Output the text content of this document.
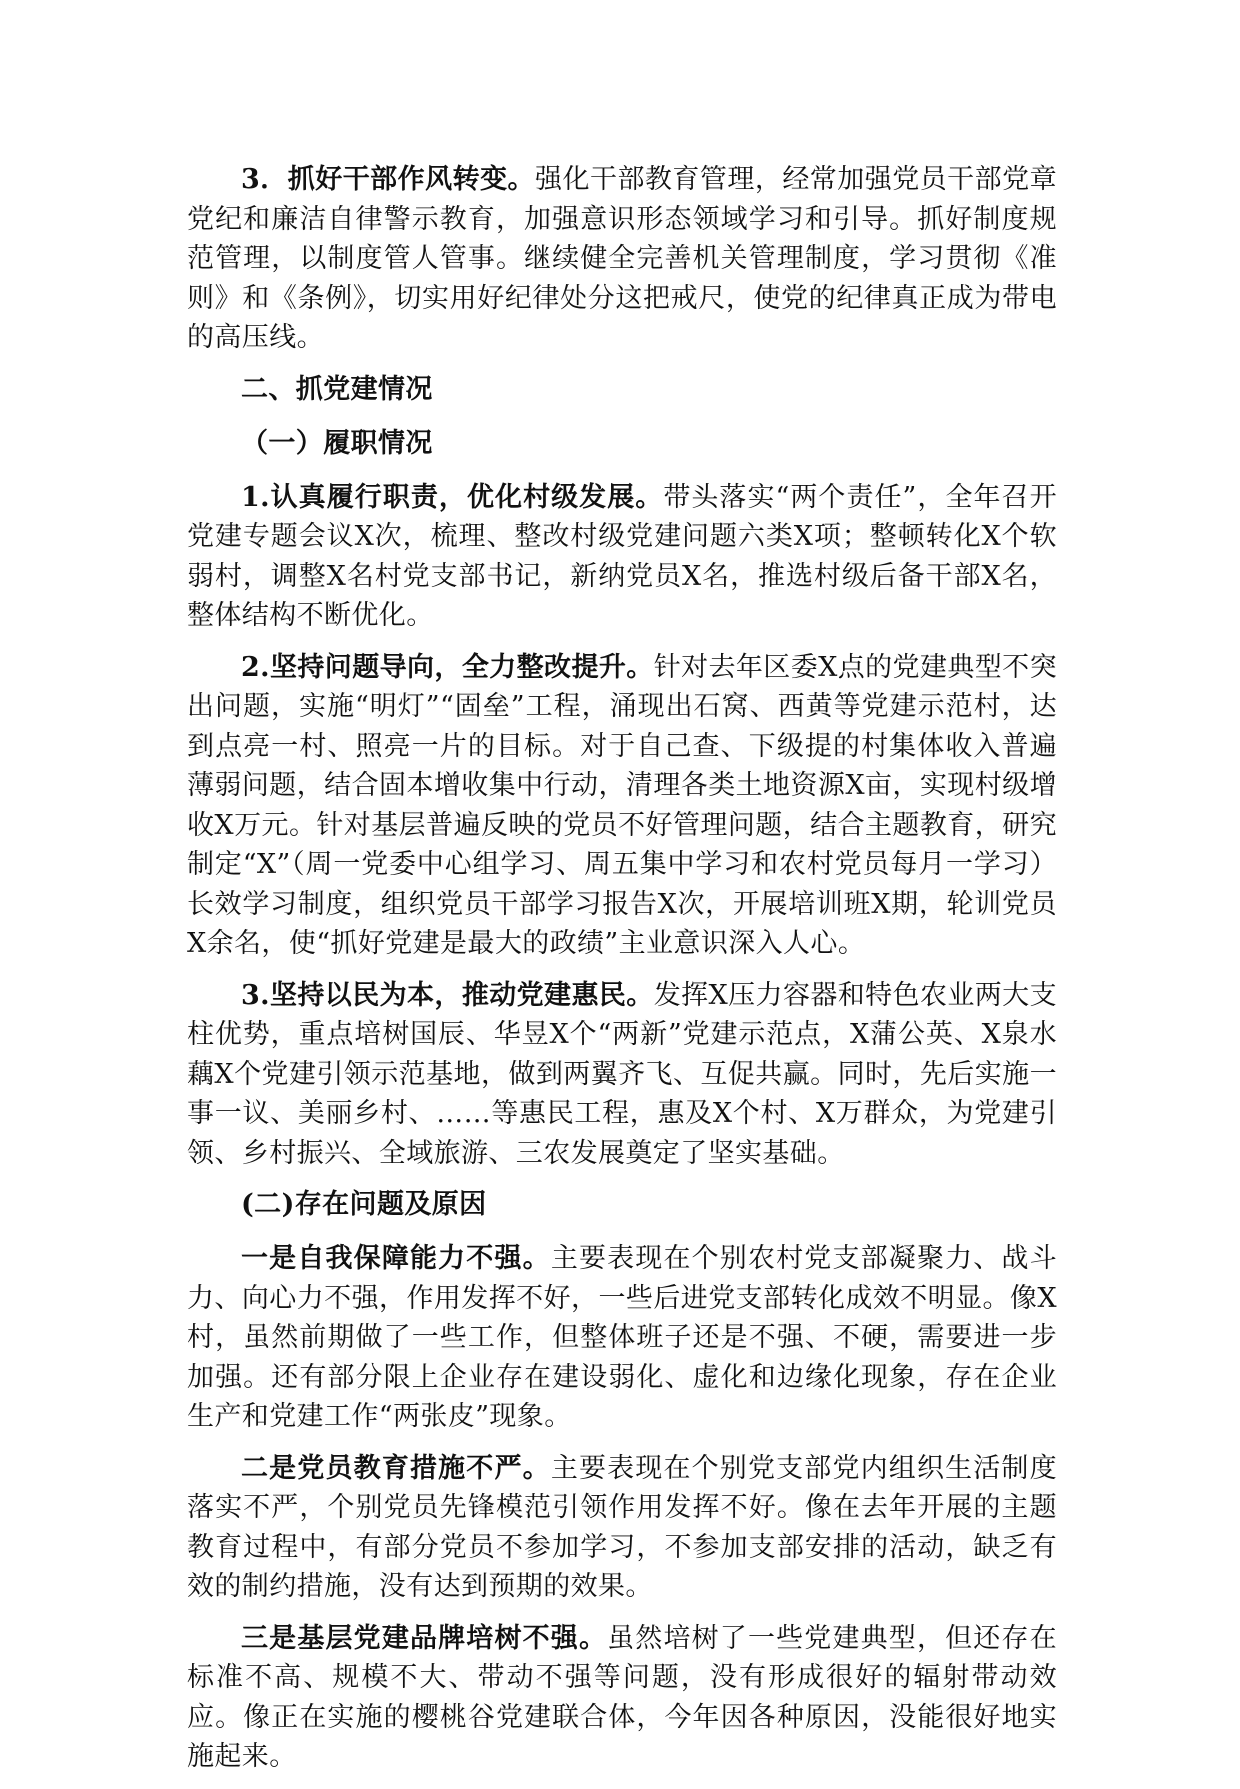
3．抓好干部作风转变。强化干部教育管理，经常加强党员干部党章党纪和廉洁自律警示教育，加强意识形态领域学习和引导。抓好制度规范管理，以制度管人管事。继续健全完善机关管理制度，学习贯彻《准则》和《条例》，切实用好纪律处分这把戒尺，使党的纪律真正成为带电的高压线。

二、抓党建情况

（一）履职情况

1.认真履行职责，优化村级发展。带头落实“两个责任”，全年召开党建专题会议X次，梳理、整改村级党建问题六类X项；整顿转化X个软弱村，调整X名村党支部书记，新纳党员X名，推选村级后备干部X名，整体结构不断优化。

2.坚持问题导向，全力整改提升。针对去年区委X点的党建典型不突出问题，实施“明灯”“固垒”工程，涌现出石窝、西黄等党建示范村，达到点亮一村、照亮一片的目标。对于自己查、下级提的村集体收入普遍薄弱问题，结合固本增收集中行动，清理各类土地资源X亩，实现村级增收X万元。针对基层普遍反映的党员不好管理问题，结合主题教育，研究制定“X”（周一党委中心组学习、周五集中学习和农村党员每月一学习）长效学习制度，组织党员干部学习报告X次，开展培训班X期，轮训党员X余名，使“抓好党建是最大的政绩”主业意识深入人心。

3.坚持以民为本，推动党建惠民。发挥X压力容器和特色农业两大支柱优势，重点培树国辰、华昱X个“两新”党建示范点，X蒲公英、X泉水藕X个党建引领示范基地，做到两翼齐飞、互促共赢。同时，先后实施一事一议、美丽乡村、……等惠民工程，惠及X个村、X万群众，为党建引领、乡村振兴、全域旅游、三农发展奠定了坚实基础。

(二)存在问题及原因

一是自我保障能力不强。主要表现在个别农村党支部凝聚力、战斗力、向心力不强，作用发挥不好，一些后进党支部转化成效不明显。像X村，虽然前期做了一些工作，但整体班子还是不强、不硬，需要进一步加强。还有部分限上企业存在建设弱化、虚化和边缘化现象，存在企业生产和党建工作“两张皮”现象。

二是党员教育措施不严。主要表现在个别党支部党内组织生活制度落实不严，个别党员先锋模范引领作用发挥不好。像在去年开展的主题教育过程中，有部分党员不参加学习，不参加支部安排的活动，缺乏有效的制约措施，没有达到预期的效果。

三是基层党建品牌培树不强。虽然培树了一些党建典型，但还存在标准不高、规模不大、带动不强等问题，没有形成很好的辐射带动效应。像正在实施的樱桃谷党建联合体，今年因各种原因，没能很好地实施起来。
